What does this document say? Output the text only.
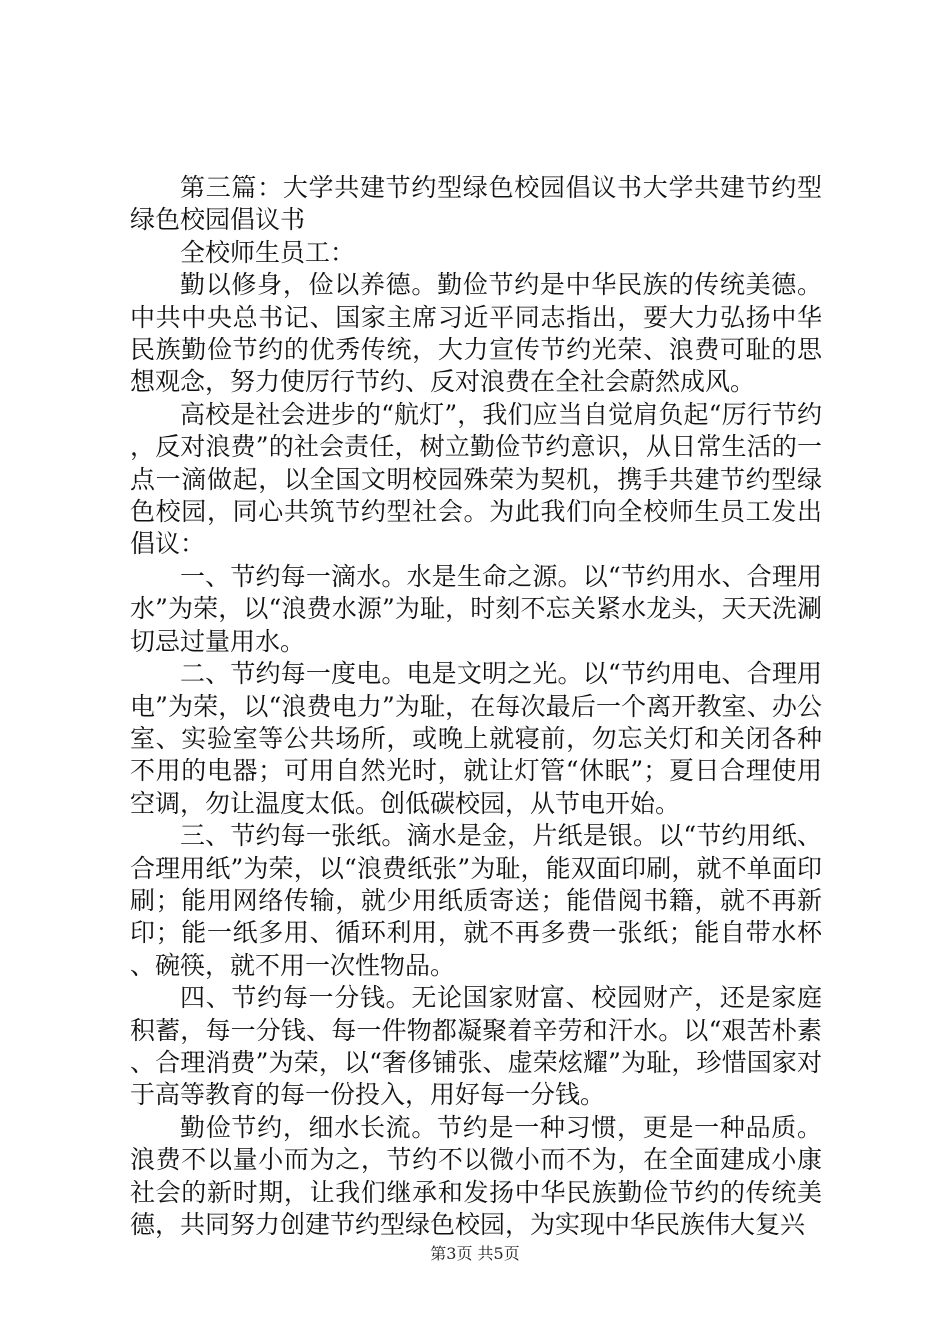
第三篇：大学共建节约型绿色校园倡议书大学共建节约型绿色校园倡议书

全校师生员工：

勤以修身，俭以养德。勤俭节约是中华民族的传统美德。中共中央总书记、国家主席习近平同志指出，要大力弘扬中华民族勤俭节约的优秀传统，大力宣传节约光荣、浪费可耻的思想观念，努力使厉行节约、反对浪费在全社会蔚然成风。

高校是社会进步的“航灯”，我们应当自觉肩负起“厉行节约，反对浪费”的社会责任，树立勤俭节约意识，从日常生活的一点一滴做起，以全国文明校园殊荣为契机，携手共建节约型绿色校园，同心共筑节约型社会。为此我们向全校师生员工发出倡议：

一、节约每一滴水。水是生命之源。以“节约用水、合理用水”为荣，以“浪费水源”为耻，时刻不忘关紧水龙头，天天洗涮切忌过量用水。

二、节约每一度电。电是文明之光。以“节约用电、合理用电”为荣，以“浪费电力”为耻，在每次最后一个离开教室、办公室、实验室等公共场所，或晚上就寝前，勿忘关灯和关闭各种不用的电器；可用自然光时，就让灯管“休眠”；夏日合理使用空调，勿让温度太低。创低碳校园，从节电开始。

三、节约每一张纸。滴水是金，片纸是银。以“节约用纸、合理用纸”为荣，以“浪费纸张”为耻，能双面印刷，就不单面印刷；能用网络传输，就少用纸质寄送；能借阅书籍，就不再新印；能一纸多用、循环利用，就不再多费一张纸；能自带水杯、碗筷，就不用一次性物品。

四、节约每一分钱。无论国家财富、校园财产，还是家庭积蓄，每一分钱、每一件物都凝聚着辛劳和汗水。以“艰苦朴素、合理消费”为荣，以“奢侈铺张、虚荣炫耀”为耻，珍惜国家对于高等教育的每一份投入，用好每一分钱。

勤俭节约，细水长流。节约是一种习惯，更是一种品质。浪费不以量小而为之，节约不以微小而不为，在全面建成小康社会的新时期，让我们继承和发扬中华民族勤俭节约的传统美德，共同努力创建节约型绿色校园，为实现中华民族伟大复兴

第3页 共5页
